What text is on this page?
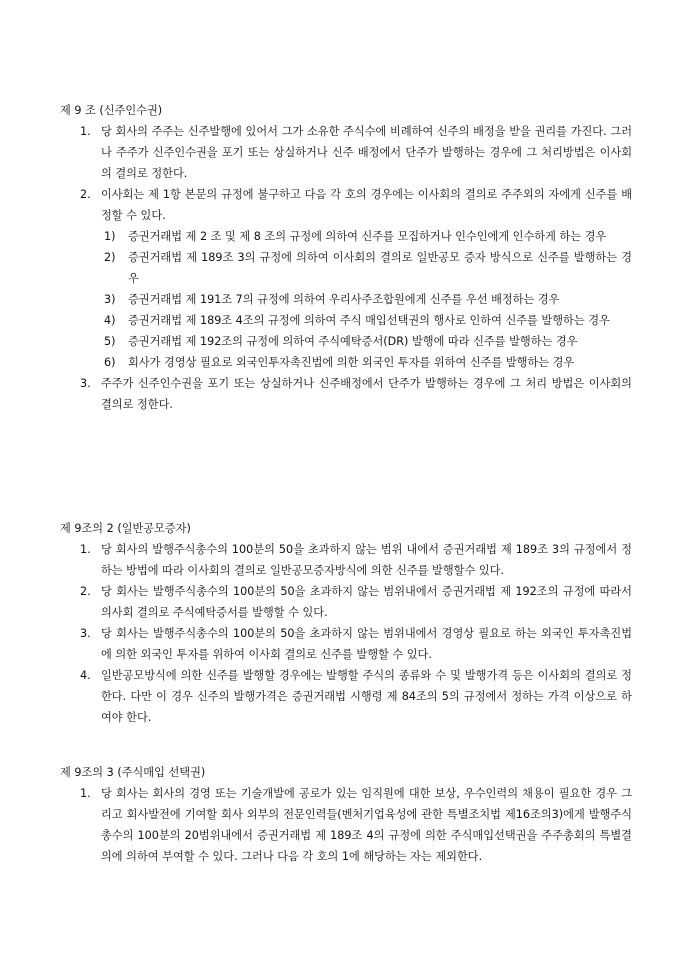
제 9 조 (신주인수권)
1. 당 회사의 주주는 신주발행에 있어서 그가 소유한 주식수에 비례하여 신주의 배정을 받을 권리를 가진다. 그러나 주주가 신주인수권을 포기 또는 상실하거나 신주 배정에서 단주가 발행하는 경우에 그 처리방법은 이사회의 결의로 정한다.
2. 이사회는 제 1항 본문의 규정에 불구하고 다음 각 호의 경우에는 이사회의 결의로 주주외의 자에게 신주를 배정할 수 있다.
1) 증권거래법 제 2 조 및 제 8 조의 규정에 의하여 신주를 모집하거나 인수인에게 인수하게 하는 경우
2) 증권거래법 제 189조 3의 규정에 의하여 이사회의 결의로 일반공모 증자 방식으로 신주를 발행하는 경우
3) 증권거래법 제 191조 7의 규정에 의하여 우리사주조합원에게 신주를 우선 배정하는 경우
4) 증권거래법 제 189조 4조의 규정에 의하여 주식 매입선택권의 행사로 인하여 신주를 발행하는 경우
5) 증권거래법 제 192조의 규정에 의하여 주식예탁증서(DR) 발행에 따라 신주를 발행하는 경우
6) 회사가 경영상 필요로 외국인투자촉진법에 의한 외국인 투자를 위하여 신주를 발행하는 경우
3. 주주가 신주인수권을 포기 또는 상실하거나 신주배정에서 단주가 발행하는 경우에 그 처리 방법은 이사회의 결의로 정한다.
제 9조의 2 (일반공모증자)
1. 당 회사의 발행주식총수의 100분의 50을 초과하지 않는 범위 내에서 증권거래법 제 189조 3의 규정에서 정하는 방법에 따라 이사회의 결의로 일반공모증자방식에 의한 신주를 발행할수 있다.
2. 당 회사는 발행주식총수의 100분의 50을 초과하지 않는 범위내에서 증권거래법 제 192조의 규정에 따라서 의사회 결의로 주식예탁증서를 발행할 수 있다.
3. 당 회사는 발행주식총수의 100분의 50을 초과하지 않는 범위내에서 경영상 필요로 하는 외국인 투자촉진법에 의한 외국인 투자를 위하여 이사회 결의로 신주를 발행할 수 있다.
4. 일반공모방식에 의한 신주를 발행할 경우에는 발행할 주식의 종류와 수 및 발행가격 등은 이사회의 결의로 정한다. 다만 이 경우 신주의 발행가격은 증권거래법 시행령 제 84조의 5의 규정에서 정하는 가격 이상으로 하여야 한다.
제 9조의 3 (주식매입 선택권)
1. 당 회사는 회사의 경영 또는 기술개발에 공로가 있는 임직원에 대한 보상, 우수인력의 채용이 필요한 경우 그리고 회사발전에 기여할 회사 외부의 전문인력들(벤처기업육성에 관한 특별조치법 제16조의3)에게 발행주식 총수의 100분의 20범위내에서 증권거래법 제 189조 4의 규정에 의한 주식매입선택권을 주주총회의 특별결의에 의하여 부여할 수 있다. 그러나 다음 각 호의 1에 해당하는 자는 제외한다.
